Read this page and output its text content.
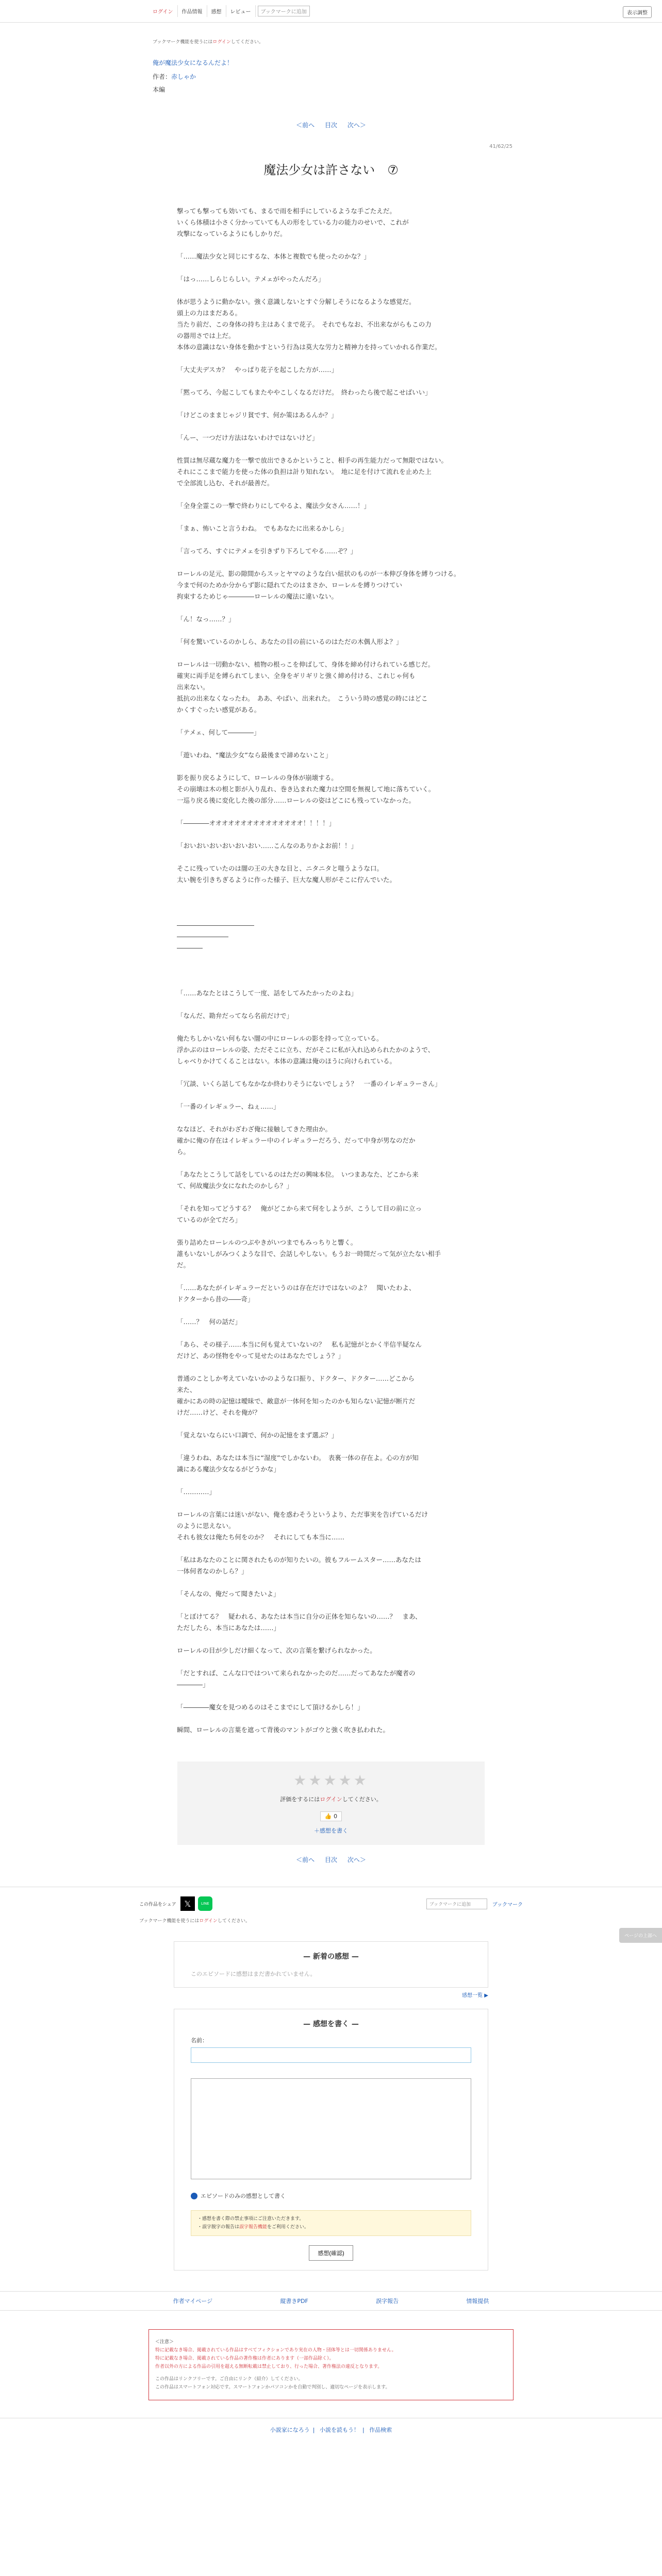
ログイン	作品情報	感想	レビュー	ブックマークに追加	表示調整
ブックマーク機能を使うにはログインしてください。
俺が魔法少女になるんだよ！
作者：赤しゃか
本編
＜前へ 目次 次へ＞
41/62/25
魔法少女は許さない　⑦

撃っても撃っても効いても、まるで雨を相手にしているような手ごたえだ。

いくら体積は小さく分かっていても人の形をしている力の能力のせいで、これが

攻撃になっているようにもしかりだ。

「……魔法少女と同じにするな、本体と複数でも使ったのかな？」

「はっ……しらじらしい。テメェがやったんだろ」

体が思うように動かない。強く意識しないとすぐ分解しそうになるような感覚だ。

頭上の力はまだある。

当たり前だ、この身体の持ち主はあくまで花子。　それでもなお、不出来ながらもこの力

の器用さでは上だ。

本体の意識はない身体を動かすという行為は莫大な労力と精神力を持っていかれる作業だ。

「大丈夫デスカ？　やっぱり花子を起こした方が……」

「黙ってろ、今起こしてもまたややこしくなるだけだ。　終わったら後で起こせばいい」

「けどこのままじゃジリ貧です、何か策はあるんか？」

「んー、一つだけ方法はないわけではないけど」

性質は無尽蔵な魔力を一撃で放出できるかということ、相手の再生能力だって無限ではない。

それにここまで能力を使った体の負担は計り知れない。　地に足を付けて流れを止めた上

で全部流し込む、それが最善だ。

「全身全霊この一撃で終わりにしてやるよ、魔法少女さん……！」

「まぁ、怖いこと言うわね。　でもあなたに出来るかしら」

「言ってろ、すぐにテメェを引きずり下ろしてやる……ぞ？」

ローレルの足元、影の隙間からスッとヤマのような白い紐状のものが一本伸び身体を縛りつける。

今まで何のためか分からず影に隠れてたのはまさか、ローレルを縛りつけてい

拘束するためじゃ――――ローレルの魔法に違いない。

「ん！なっ……？」

「何を驚いているのかしら、あなたの目の前にいるのはただの木偶人形よ？」

ローレルは一切動かない、植物の根っこを伸ばして、身体を締め付けられている感じだ。

確実に両手足を縛られてしまい、全身をギリギリと強く締め付ける、これじゃ何も

出来ない。

抵抗の出来なくなったわ。　ああ、やばい、出来れた。　こういう時の感覚の時にはどこ

かくすぐったい感覚がある。

「テメェ、何して――――」

「遊いわね、“魔法少女”なら最後まで諦めないこと」

影を振り戻るようにして、ローレルの身体が崩壊する。

その崩壊は木の根と影が入り乱れ、巻き込まれた魔力は空間を無視して地に落ちていく。

一巡り戻る後に変化した後の部分……ローレルの姿はどこにも残っていなかった。

「――――オオオオオオオオオオオオオオオ！！！！」

「おいおいおいおいおいおい……こんなのありかよお前！！」

そこに残っていたのは闇の王の大きな目と、ニタニタと嗤うような口。

太い腕を引きちぎるように作った様子、巨大な魔人形がそこに佇んでいた。

――――――――――――

――――――――

――――

「……あなたとはこうして一度、話をしてみたかったのよね」

「なんだ、勘弁だってなら名前だけで」

俺たちしかいない何もない闇の中にローレルの影を持って立っている。

浮かぶのはローレルの姿、ただそこに立ち、だがそこに私が入れ込められたかのようで、

しゃべりかけてくることはない。本体の意識は俺のほうに向けられている。

「冗談、いくら話してもなかなか終わりそうにないでしょう？　一番のイレギュラーさん」

「一番のイレギュラー、ねぇ……」

ななほど、それがわざわざ俺に接触してきた理由か。

確かに俺の存在はイレギュラー中のイレギュラーだろう、だって中身が男なのだか

ら。

「あなたとこうして話をしているのはただの興味本位。　いつまあなた、どこから来

て、何故魔法少女になれたのかしら？」

「それを知ってどうする？　俺がどこから来て何をしようが、こうして目の前に立っ

ているのが全てだろ」

張り詰めたローレルのつぶやきがいつまでもみっちりと響く。

誰もいないしがみつくような目で、会話しやしない。もうお一時間だって気が立たない相手

だ。

「……あなたがイレギュラーだというのは存在だけではないのよ？　聞いたわよ、

ドクターから昔の――奇」

「……？　何の話だ」

「あら、その様子……本当に何も覚えていないの？　私も記憶がとかく半信半疑なん

だけど、あの怪物をやって見せたのはあなたでしょう？」

普通のことしか考えていないかのような口振り、ドクター、ドクター……どこから

来た、

確かにあの時の記憶は曖昧で、敵意が一体何を知ったのかも知らない記憶が断片だ

けだ……けど、それを俺が？

「覚えないならにい口調で、何かの記憶をまず選ぶ？」

「違うわね、あなたは本当に“湿度”でしかないわ。　表裏一体の存在よ。心の方が知

識にある魔法少女なるがどうかな」

「…………」

ローレルの言葉には迷いがない、俺を惑わそうというより、ただ事実を告げているだけ

のように思えない。

それも彼女は俺たち何をのか？　それにしても本当に……

「私はあなたのことに関されたものが知りたいの。彼もフルームスター……あなたは

一体何者なのかしら？」

「そんなの、俺だって聞きたいよ」

「とぼけてる？　疑われる、あなたは本当に自分の正体を知らないの……？　まあ、

ただしたら、本当にあなたは……」

ローレルの目が少しだけ細くなって、次の言葉を繋げられなかった。

「だとすれば、こんな口ではついて来られなかったのだ……だってあなたが魔者の

――――」

「――――魔女を見つめるのはそこまでにして頂けるかしら！」

瞬間、ローレルの言葉を遮って背後のマントがゴウと強く吹き払われた。

★★★★★
評価をするにはログインしてください。
👍 0
＋感想を書く
＜前へ 目次 次へ＞
この作品をシェア 𝕏	LINE	ブックマークに追加	ブックマーク
ブックマーク機能を使うにはログインしてください。
— 新着の感想 —
このエピソードに感想はまだ書かれていません。
感想一覧 ▶
— 感想を書く —
名前：
エピソードのみの感想として書く
・感想を書く際の禁止事項にご注意いただきます。
・誤字脱字の報告は誤字報告機能をご利用ください。
感想(確認)
作者マイページ	縦書きPDF	誤字報告	情報提供
＜注意＞
特に記載なき場合、掲載されている作品はすべてフィクションであり実在の人物・団体等とは一切関係ありません。
特に記載なき場合、掲載されている作品の著作権は作者にあります（一部作品除く）。
作者以外の方による作品の引用を超える無断転載は禁止しており、行った場合、著作権法の違反となります。
この作品はリンクフリーです。ご自由にリンク（紹介）してください。
この作品はスマートフォン対応です。スマートフォンかパソコンかを自動で判別し、適切なページを表示します。
小説家になろう | 小説を読もう！ | 作品検索
ページの上部へ
